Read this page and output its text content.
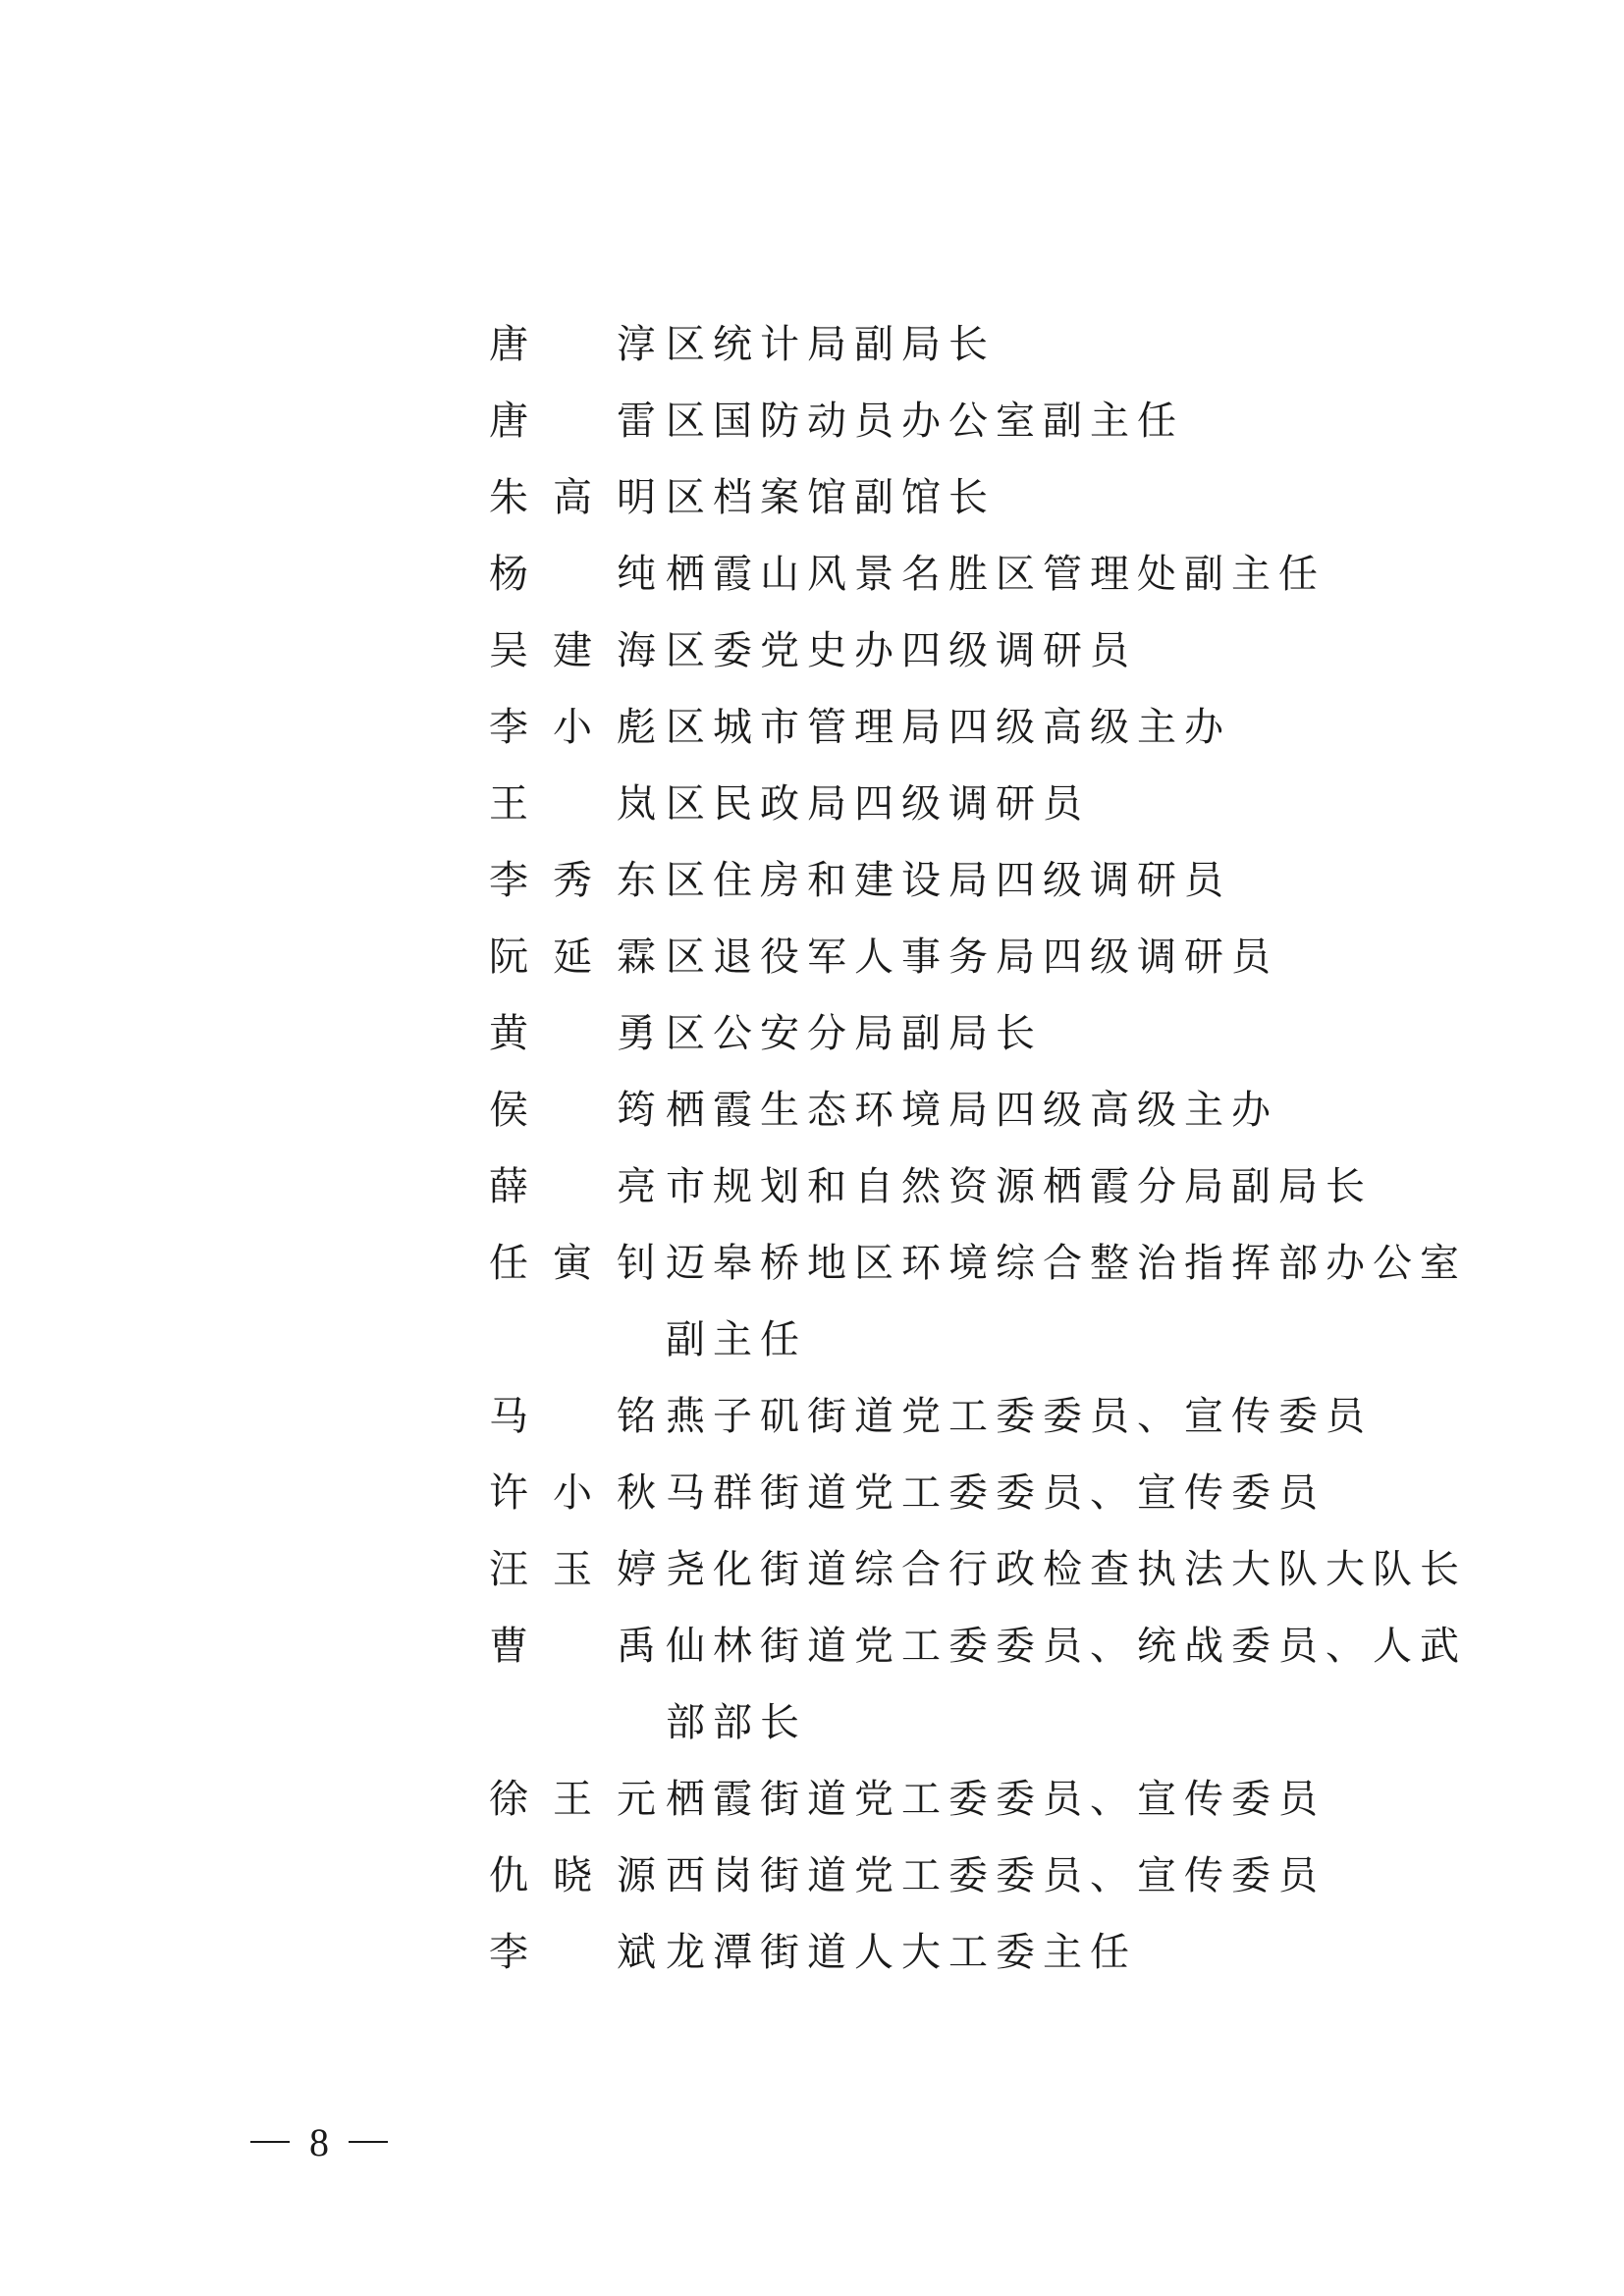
唐　淳 区统计局副局长
唐　雷 区国防动员办公室副主任
朱高明 区档案馆副馆长
杨　纯 栖霞山风景名胜区管理处副主任
吴建海 区委党史办四级调研员
李小彪 区城市管理局四级高级主办
王　岚 区民政局四级调研员
李秀东 区住房和建设局四级调研员
阮延霖 区退役军人事务局四级调研员
黄　勇 区公安分局副局长
侯　筠 栖霞生态环境局四级高级主办
薛　亮 市规划和自然资源栖霞分局副局长
任寅钊 迈皋桥地区环境综合整治指挥部办公室
副主任
马　铭 燕子矶街道党工委委员、宣传委员
许小秋 马群街道党工委委员、宣传委员
汪玉婷 尧化街道综合行政检查执法大队大队长
曹　禹 仙林街道党工委委员、统战委员、人武
部部长
徐王元 栖霞街道党工委委员、宣传委员
仇晓源 西岗街道党工委委员、宣传委员
李　斌 龙潭街道人大工委主任
8
